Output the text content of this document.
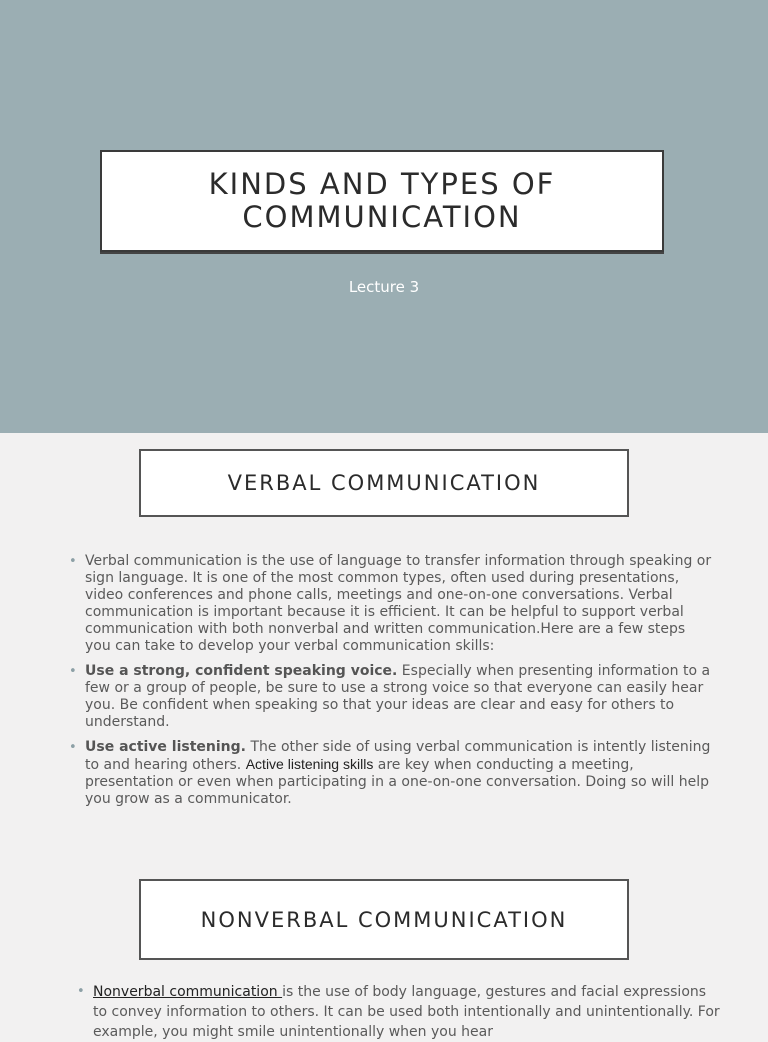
KINDS AND TYPES OF COMMUNICATION
Lecture 3
VERBAL COMMUNICATION
• Verbal communication is the use of language to transfer information through speaking or sign language. It is one of the most common types, often used during presentations, video conferences and phone calls, meetings and one-on-one conversations. Verbal communication is important because it is efficient. It can be helpful to support verbal communication with both nonverbal and written communication.Here are a few steps you can take to develop your verbal communication skills:
• Use a strong, confident speaking voice. Especially when presenting information to a few or a group of people, be sure to use a strong voice so that everyone can easily hear you. Be confident when speaking so that your ideas are clear and easy for others to understand.
• Use active listening. The other side of using verbal communication is intently listening to and hearing others. Active listening skills are key when conducting a meeting, presentation or even when participating in a one-on-one conversation. Doing so will help you grow as a communicator.
NONVERBAL COMMUNICATION
• Nonverbal communication is the use of body language, gestures and facial expressions to convey information to others. It can be used both intentionally and unintentionally. For example, you might smile unintentionally when you hear
